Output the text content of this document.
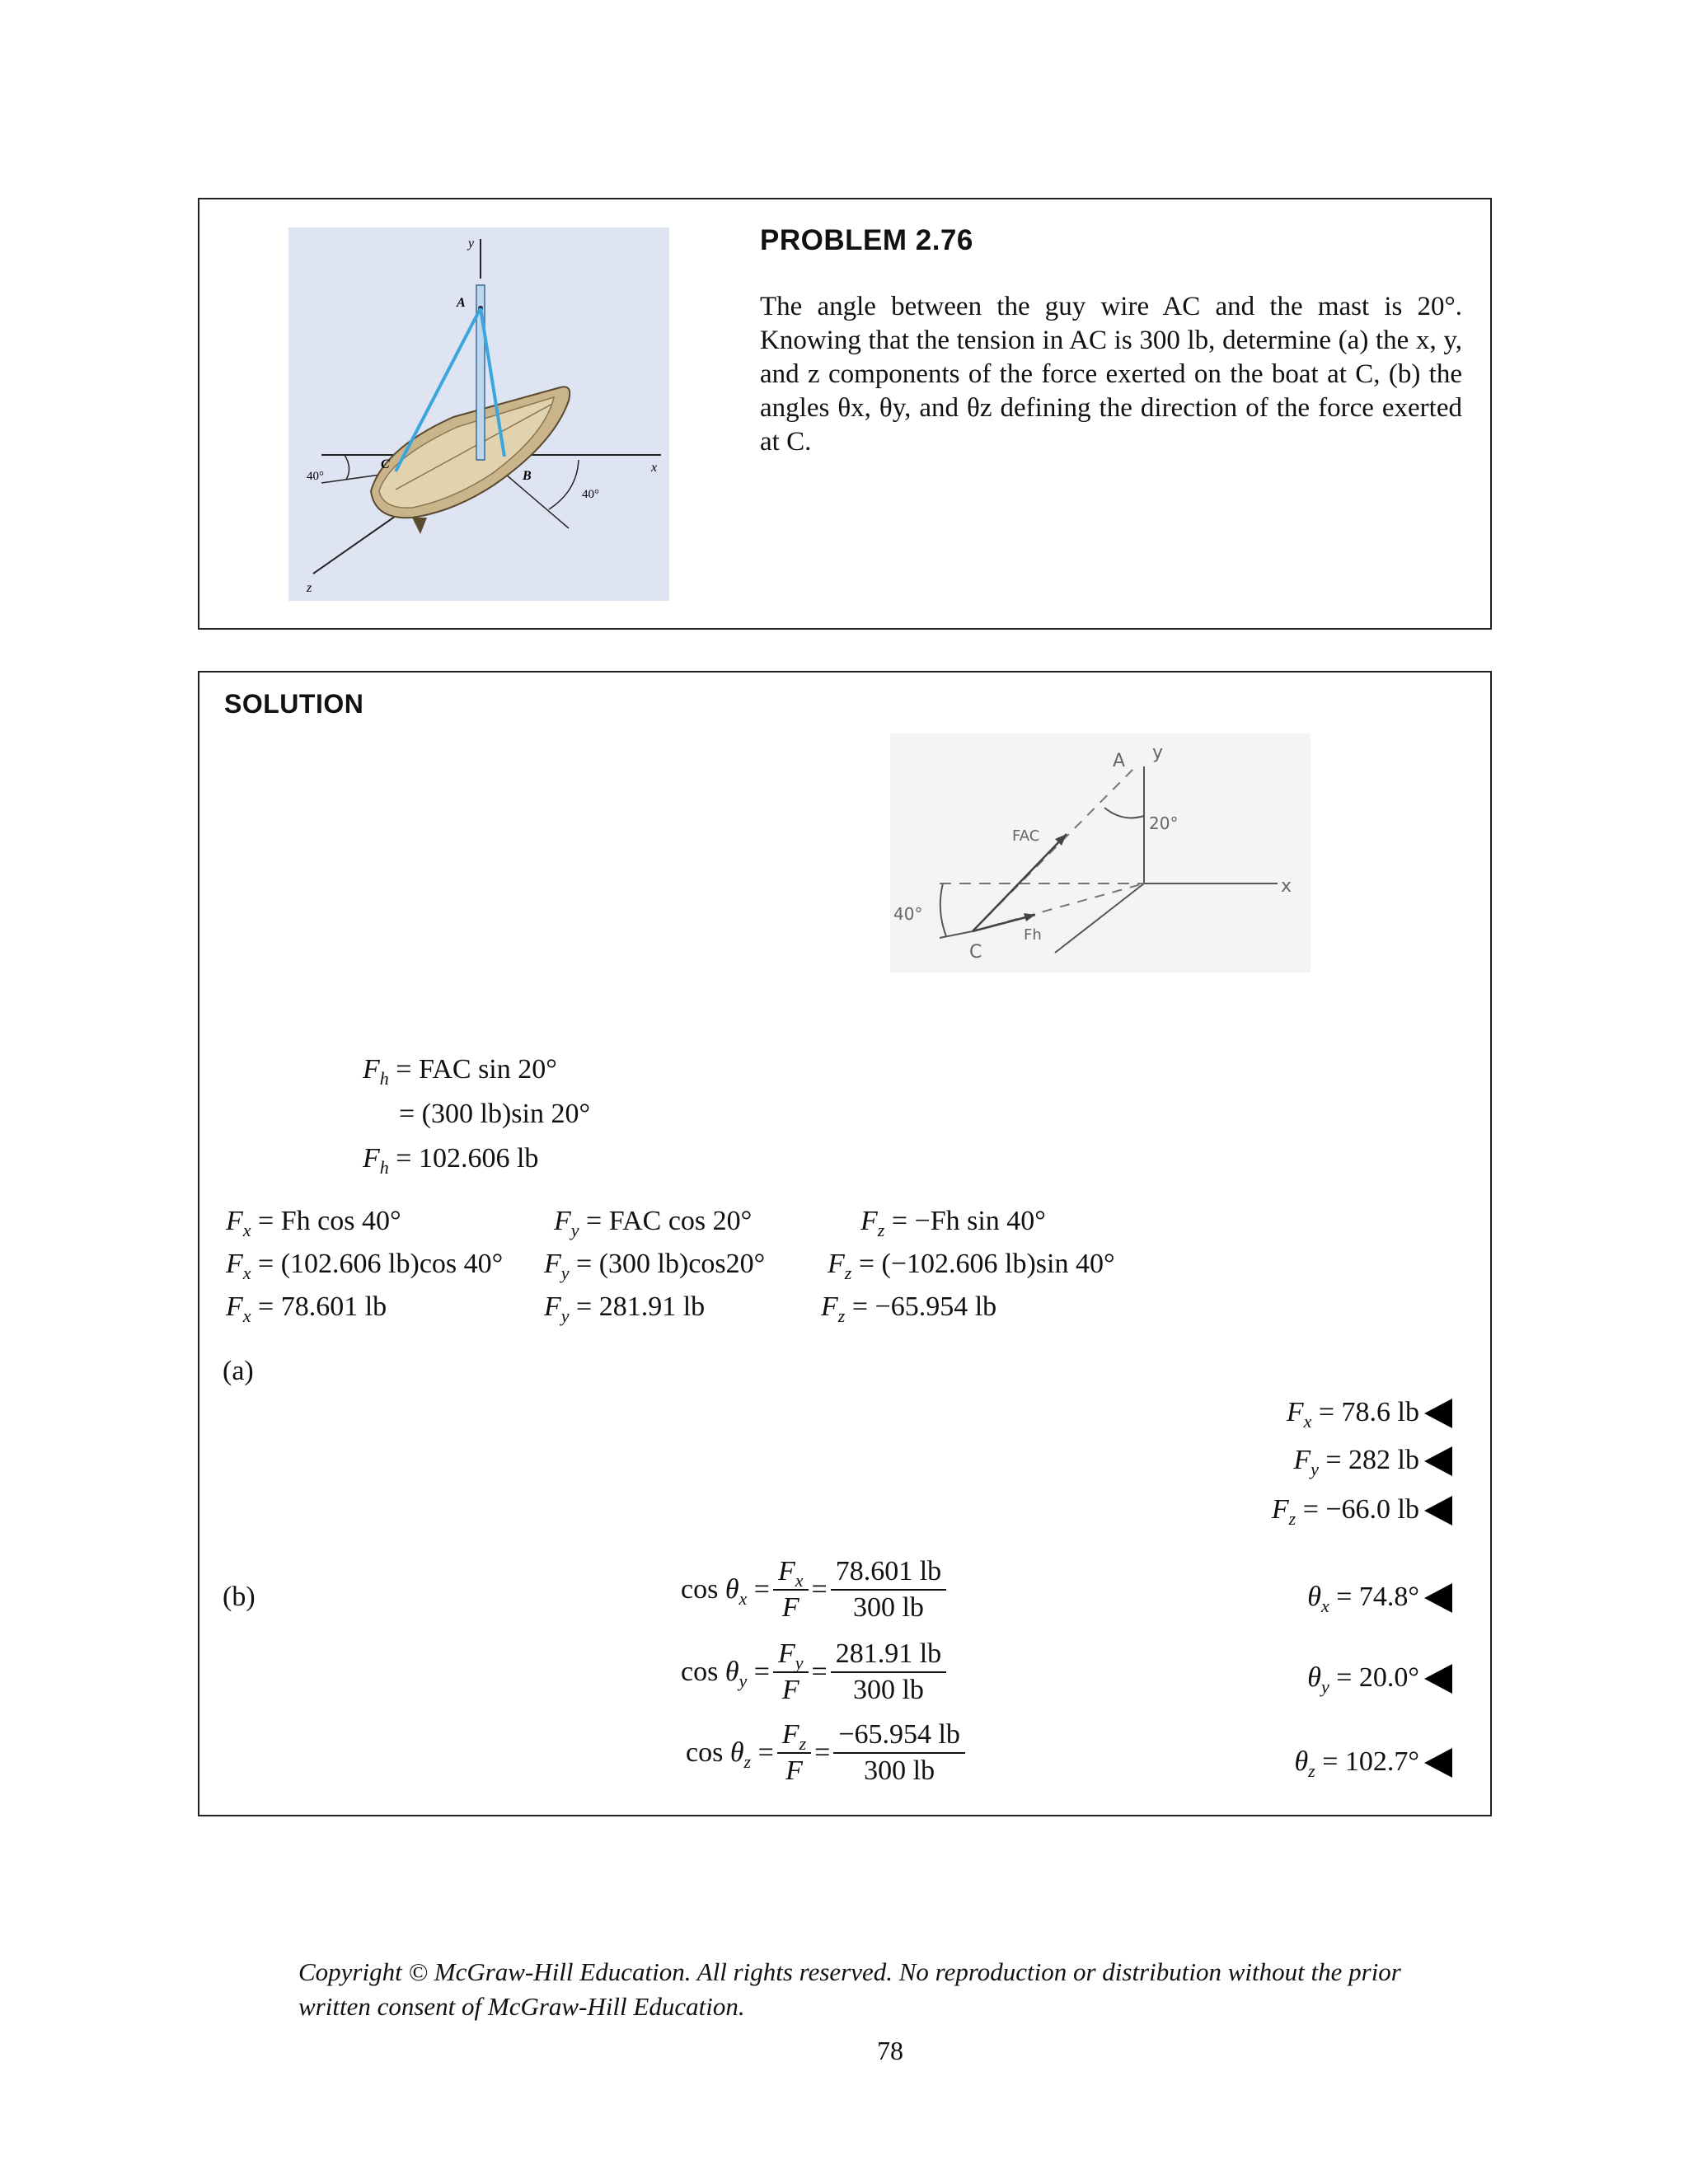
y
A
C
B
x
z
40°
40°
PROBLEM 2.76
The angle between the guy wire AC and the mast is 20°. Knowing that the tension in AC is 300 lb, determine (a) the x, y, and z components of the force exerted on the boat at C, (b) the angles θx, θy, and θz defining the direction of the force exerted at C.
SOLUTION
A y
FAC
20°
x
40°
C
Fh
$F_h$ = FAC sin 20°
= (300 lb)sin 20°
$F_h = 102.606$ lb
$F_x = Fh$ cos 40°
$F_x = (102.606$ lb)cos 40°
$F_x = 78.601$ lb
$F_y$ = FAC cos 20°
$F_y = (300$ lb)cos20°
$F_y = 281.91$ lb
$F_z = -Fh$ sin 40°
$F_z = (-102.606$ lb)sin 40°
$F_z = -65.954$ lb
(a)
$F_x = 78.6$ lb
$F_y = 282$ lb
$F_z = -66.0$ lb
(b)	$\cos \theta_x = \frac{F_x}{F} = \frac{78.601 lb}{300 lb}$	$\theta_x = 74.8^\circ$
$\cos \theta_y = \frac{F_y}{F} = \frac{281.91 lb}{300 lb}$	$\theta_y = 20.0^\circ$
$\cos \theta_z = \frac{F_z}{F} = \frac{-65.954 lb}{300 lb}$	$\theta_z = 102.7^\circ$
Copyright © McGraw-Hill Education. All rights reserved. No reproduction or distribution without the prior written consent of McGraw-Hill Education.
78
